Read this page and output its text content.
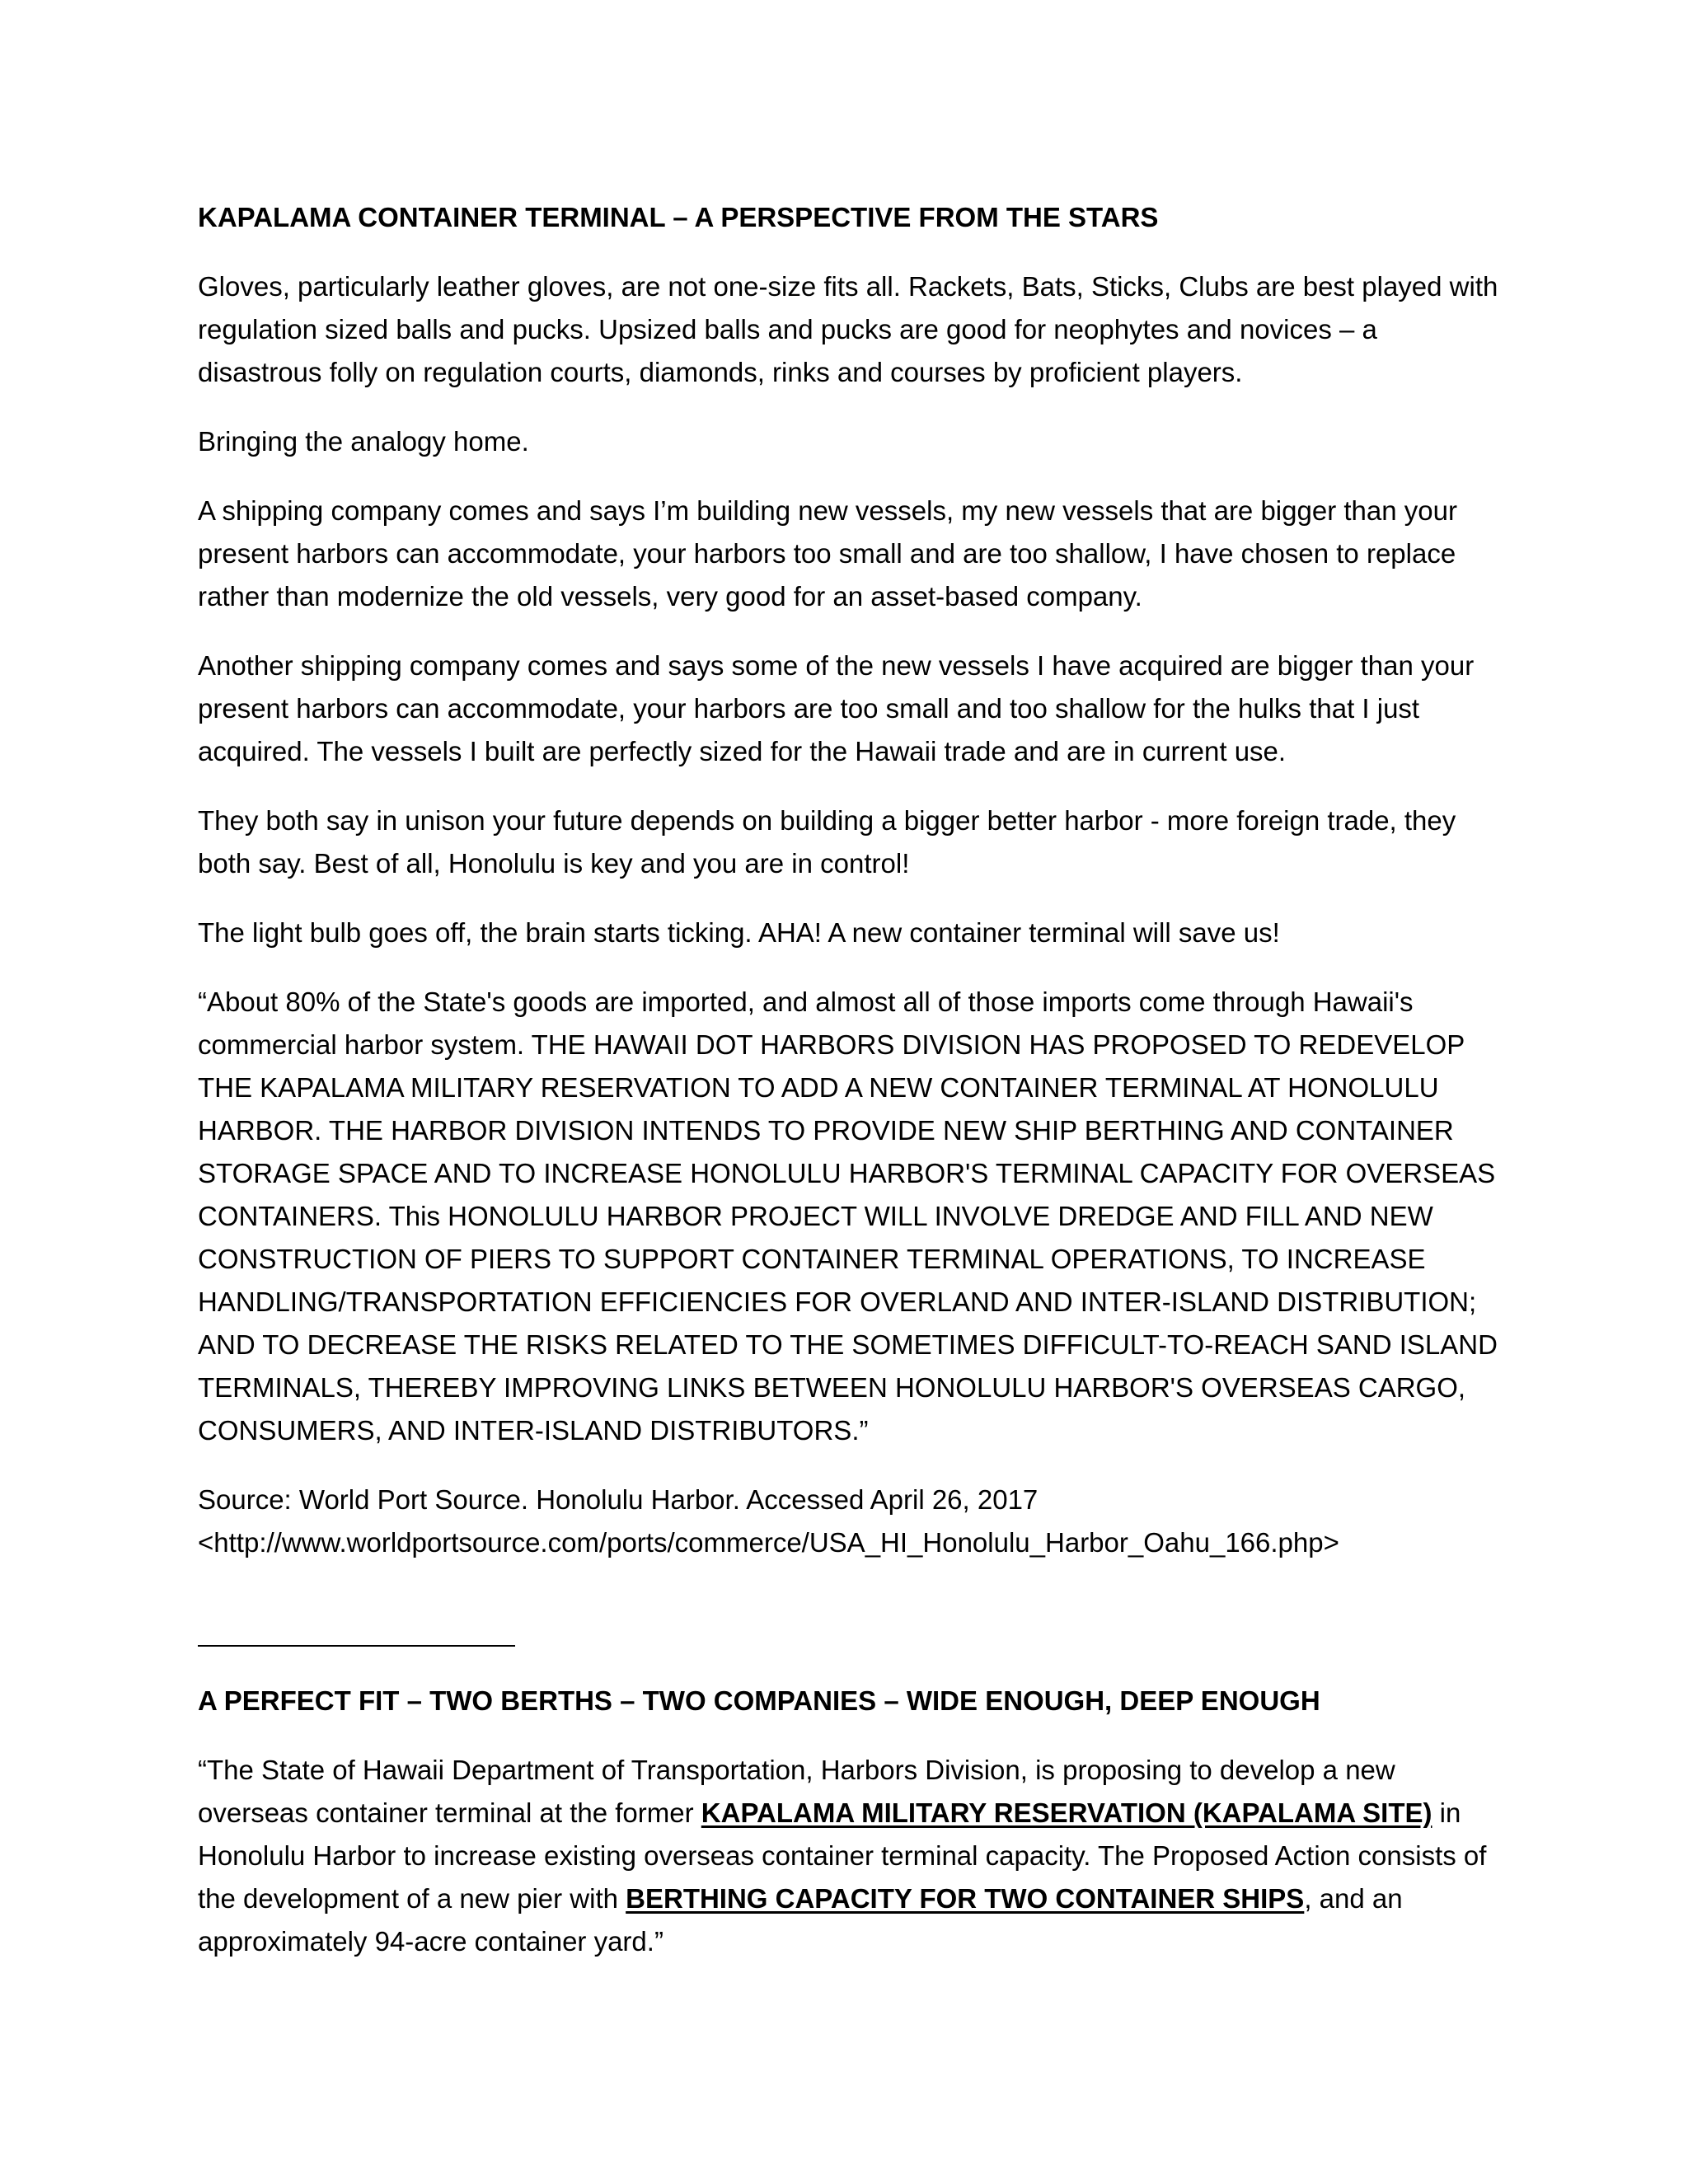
KAPALAMA CONTAINER TERMINAL – A PERSPECTIVE FROM THE STARS

Gloves, particularly leather gloves, are not one-size fits all. Rackets, Bats, Sticks, Clubs are best played with regulation sized balls and pucks. Upsized balls and pucks are good for neophytes and novices – a disastrous folly on regulation courts, diamonds, rinks and courses by proficient players.

Bringing the analogy home.

A shipping company comes and says I’m building new vessels, my new vessels that are bigger than your present harbors can accommodate, your harbors too small and are too shallow, I have chosen to replace rather than modernize the old vessels, very good for an asset-based company.

Another shipping company comes and says some of the new vessels I have acquired are bigger than your present harbors can accommodate, your harbors are too small and too shallow for the hulks that I just acquired. The vessels I built are perfectly sized for the Hawaii trade and are in current use.

They both say in unison your future depends on building a bigger better harbor - more foreign trade, they both say. Best of all, Honolulu is key and you are in control!

The light bulb goes off, the brain starts ticking. AHA! A new container terminal will save us!

“About 80% of the State's goods are imported, and almost all of those imports come through Hawaii's commercial harbor system. THE HAWAII DOT HARBORS DIVISION HAS PROPOSED TO REDEVELOP THE KAPALAMA MILITARY RESERVATION TO ADD A NEW CONTAINER TERMINAL AT HONOLULU HARBOR. THE HARBOR DIVISION INTENDS TO PROVIDE NEW SHIP BERTHING AND CONTAINER STORAGE SPACE AND TO INCREASE HONOLULU HARBOR'S TERMINAL CAPACITY FOR OVERSEAS CONTAINERS. This HONOLULU HARBOR PROJECT WILL INVOLVE DREDGE AND FILL AND NEW CONSTRUCTION OF PIERS TO SUPPORT CONTAINER TERMINAL OPERATIONS, TO INCREASE HANDLING/TRANSPORTATION EFFICIENCIES FOR OVERLAND AND INTER-ISLAND DISTRIBUTION; AND TO DECREASE THE RISKS RELATED TO THE SOMETIMES DIFFICULT-TO-REACH SAND ISLAND TERMINALS, THEREBY IMPROVING LINKS BETWEEN HONOLULU HARBOR'S OVERSEAS CARGO, CONSUMERS, AND INTER-ISLAND DISTRIBUTORS.”

Source: World Port Source. Honolulu Harbor. Accessed April 26, 2017
<http://www.worldportsource.com/ports/commerce/USA_HI_Honolulu_Harbor_Oahu_166.php>
A PERFECT FIT – TWO BERTHS – TWO COMPANIES – WIDE ENOUGH, DEEP ENOUGH

“The State of Hawaii Department of Transportation, Harbors Division, is proposing to develop a new overseas container terminal at the former KAPALAMA MILITARY RESERVATION (KAPALAMA SITE) in Honolulu Harbor to increase existing overseas container terminal capacity. The Proposed Action consists of the development of a new pier with BERTHING CAPACITY FOR TWO CONTAINER SHIPS, and an approximately 94-acre container yard.”
